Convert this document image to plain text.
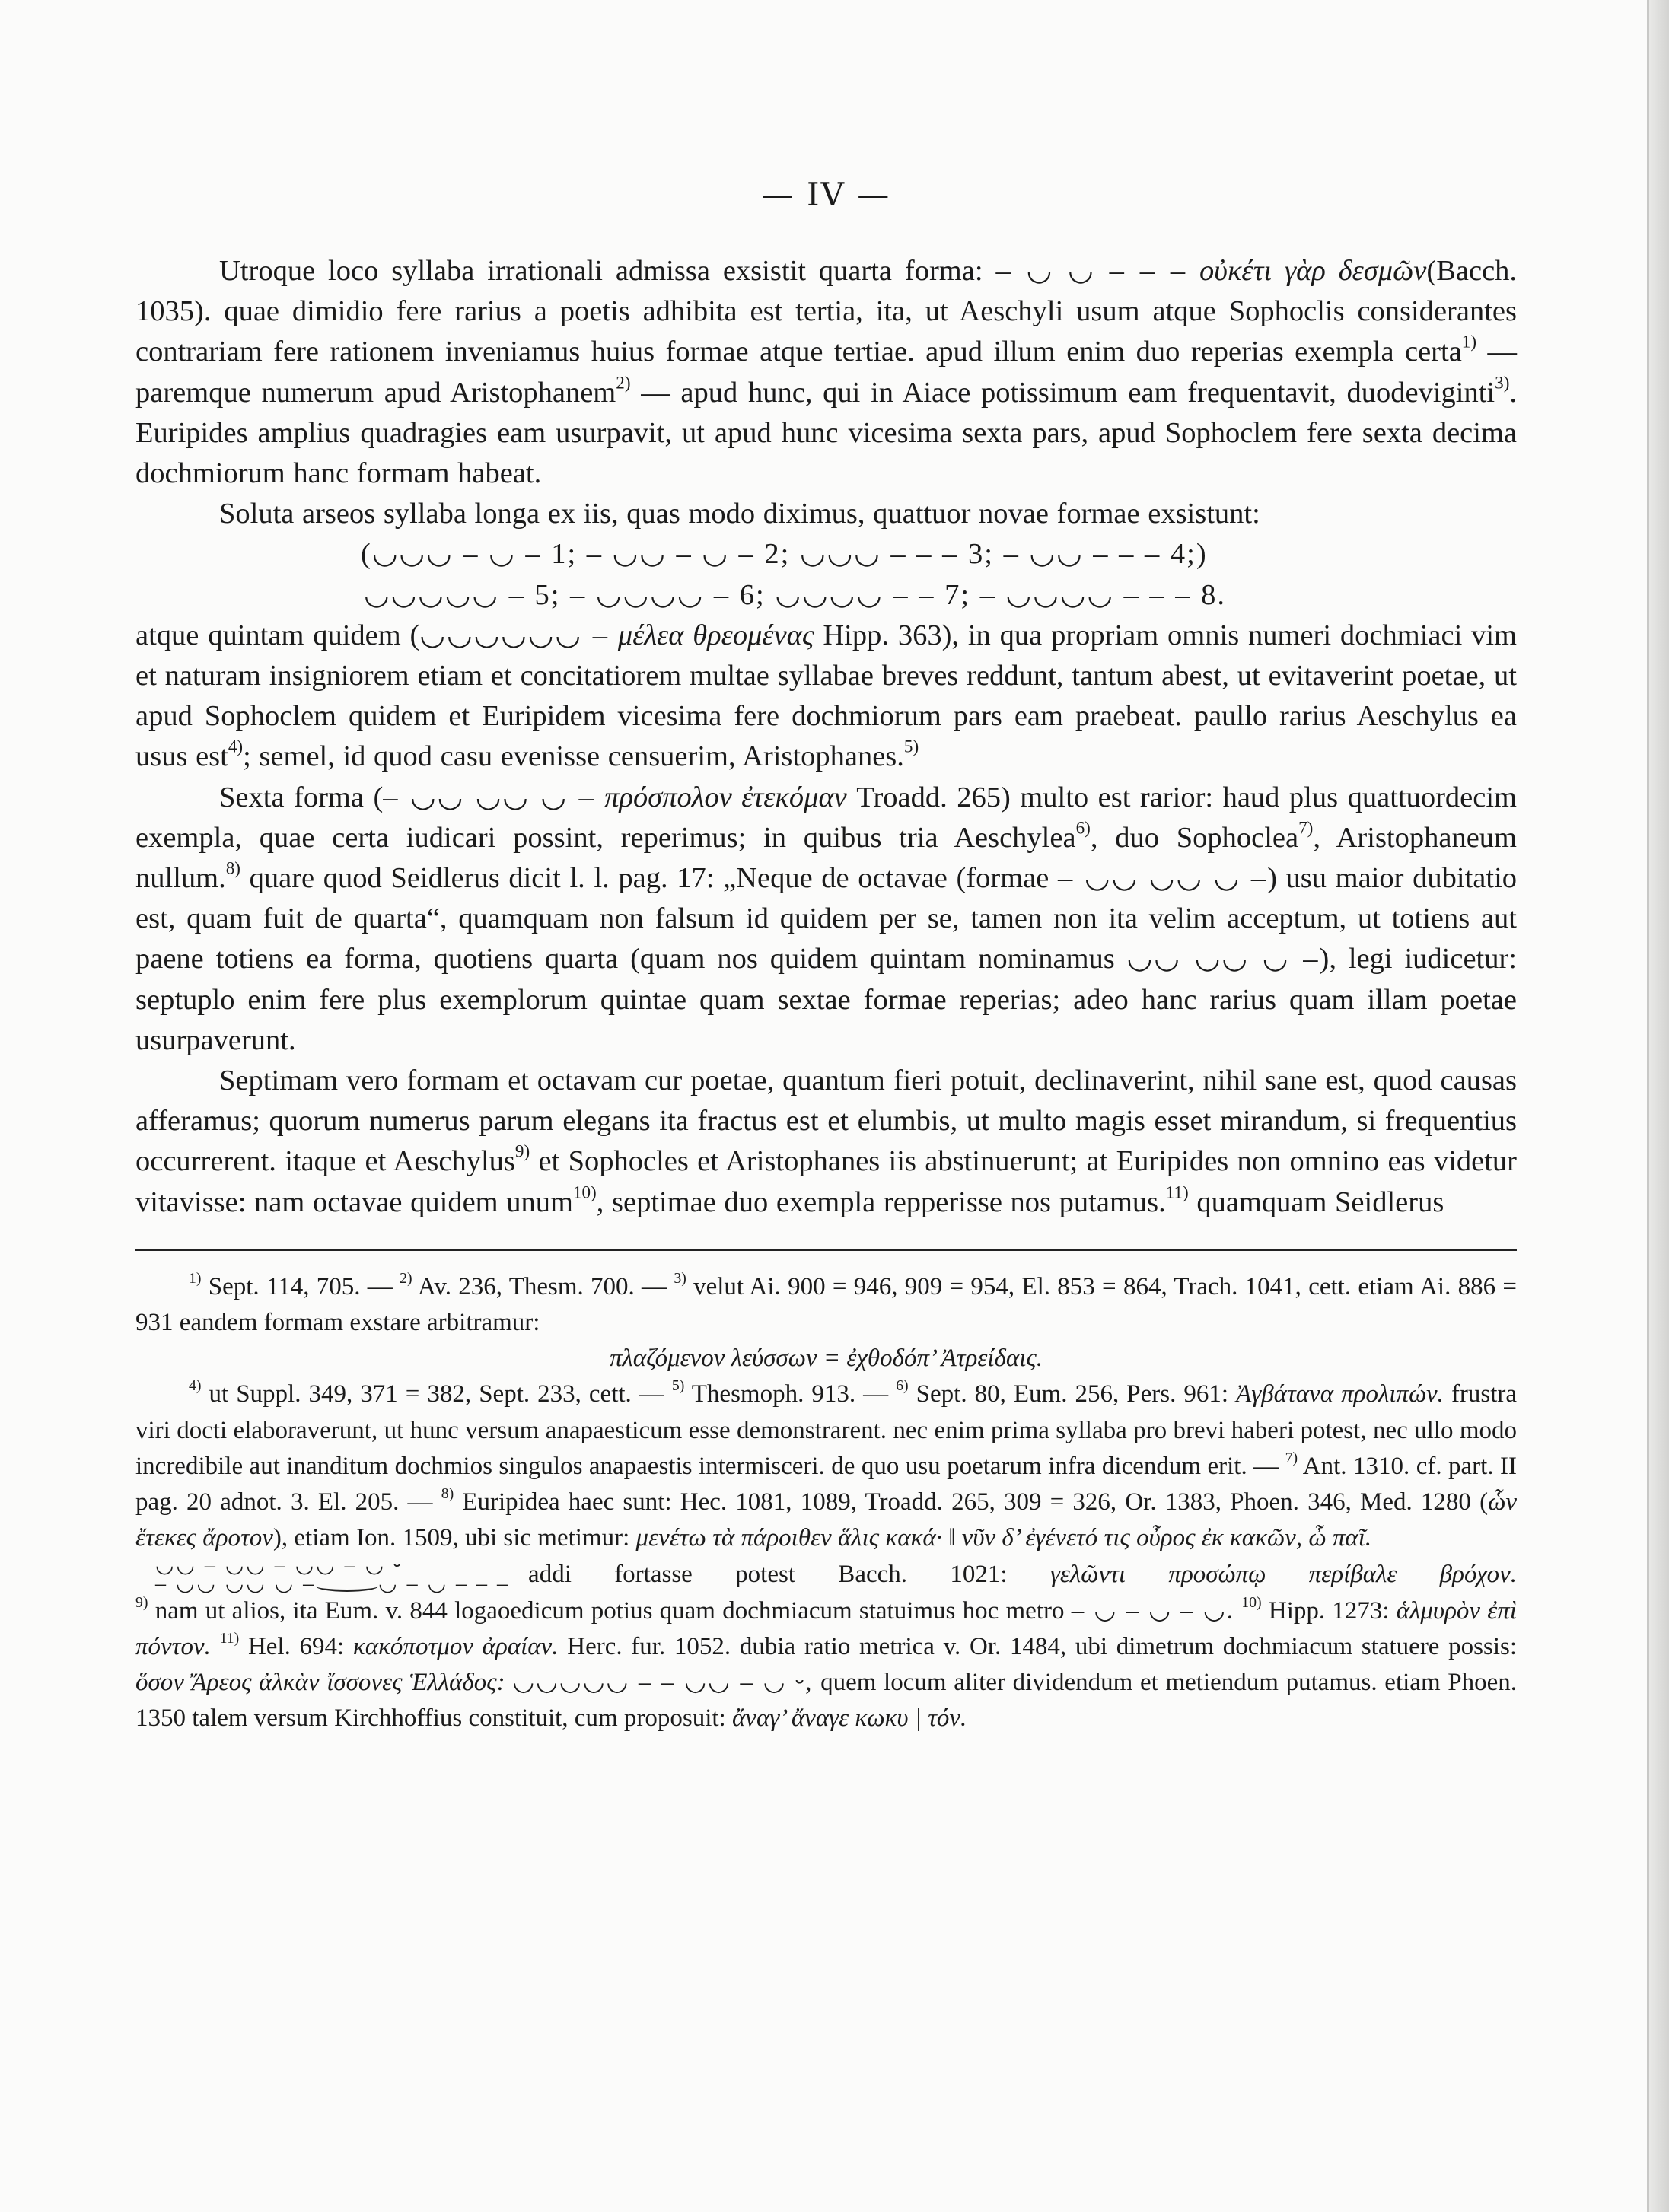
— IV —

Utroque loco syllaba irrationali admissa exsistit quarta forma: – ◡ ◡ – – – οὐκέτι γὰρ δεσμῶν(Bacch. 1035). quae dimidio fere rarius a poetis adhibita est tertia, ita, ut Aeschyli usum atque Sophoclis considerantes contrariam fere rationem inveniamus huius formae atque tertiae. apud illum enim duo reperias exempla certa$^{1)}$ — paremque numerum apud Aristophanem$^{2)}$ — apud hunc, qui in Aiace potissimum eam frequentavit, duodeviginti$^{3)}$. Euripides amplius quadragies eam usurpavit, ut apud hunc vicesima sexta pars, apud Sophoclem fere sexta decima dochmiorum hanc formam habeat.

Soluta arseos syllaba longa ex iis, quas modo diximus, quattuor novae formae exsistunt:

(◡◡◡ – ◡ – 1; – ◡◡ – ◡ – 2; ◡◡◡ – – – 3; – ◡◡ – – – 4;)

◡◡◡◡◡ – 5; – ◡◡◡◡ – 6; ◡◡◡◡ – – 7; – ◡◡◡◡ – – – 8.

atque quintam quidem (◡◡◡◡◡◡ – μέλεα θρεομένας Hipp. 363), in qua propriam omnis numeri dochmiaci vim et naturam insigniorem etiam et concitatiorem multae syllabae breves reddunt, tantum abest, ut evitaverint poetae, ut apud Sophoclem quidem et Euripidem vicesima fere dochmiorum pars eam praebeat. paullo rarius Aeschylus ea usus est$^{4)}$; semel, id quod casu evenisse censuerim, Aristophanes.$^{5)}$

Sexta forma (– ◡◡ ◡◡ ◡ – πρόσπολον ἐτεκόμαν Troadd. 265) multo est rarior: haud plus quattuordecim exempla, quae certa iudicari possint, reperimus; in quibus tria Aeschylea$^{6)}$, duo Sophoclea$^{7)}$, Aristophaneum nullum.$^{8)}$ quare quod Seidlerus dicit l. l. pag. 17: „Neque de octavae (formae – ◡◡ ◡◡ ◡ –) usu maior dubitatio est, quam fuit de quarta“, quamquam non falsum id quidem per se, tamen non ita velim acceptum, ut totiens aut paene totiens ea forma, quotiens quarta (quam nos quidem quintam nominamus ◡◡ ◡◡ ◡ –), legi iudicetur: septuplo enim fere plus exemplorum quintae quam sextae formae reperias; adeo hanc rarius quam illam poetae usurpaverunt.

Septimam vero formam et octavam cur poetae, quantum fieri potuit, declinaverint, nihil sane est, quod causas afferamus; quorum numerus parum elegans ita fractus est et elumbis, ut multo magis esset mirandum, si frequentius occurrerent. itaque et Aeschylus$^{9)}$ et Sophocles et Aristophanes iis abstinuerunt; at Euripides non omnino eas videtur vitavisse: nam octavae quidem unum$^{10)}$, septimae duo exempla repperisse nos putamus.$^{11)}$ quamquam Seidlerus

$^{1)}$ Sept. 114, 705. — $^{2)}$ Av. 236, Thesm. 700. — $^{3)}$ velut Ai. 900 = 946, 909 = 954, El. 853 = 864, Trach. 1041, cett. etiam Ai. 886 = 931 eandem formam exstare arbitramur:

πλαζόμενον λεύσσων = ἐχθοδόπ’ Ἀτρείδαις.

$^{4)}$ ut Suppl. 349, 371 = 382, Sept. 233, cett. — $^{5)}$ Thesmoph. 913. — $^{6)}$ Sept. 80, Eum. 256, Pers. 961: Ἀγβάτανα προλιπών. frustra viri docti elaboraverunt, ut hunc versum anapaesticum esse demonstrarent. nec enim prima syllaba pro brevi haberi potest, nec ullo modo incredibile aut inanditum dochmios singulos anapaestis intermisceri. de quo usu poetarum infra dicendum erit. — $^{7)}$ Ant. 1310. cf. part. II pag. 20 adnot. 3. El. 205. — $^{8)}$ Euripidea haec sunt: Hec. 1081, 1089, Troadd. 265, 309 = 326, Or. 1383, Phoen. 346, Med. 1280 (ὧν ἔτεκες ἄροτον), etiam Ion. 1509, ubi sic metimur: μενέτω τὰ πάροιθεν ἅλις κακά· ‖ νῦν δ’ ἐγένετό τις οὖρος ἐκ κακῶν, ὦ παῖ.

◡◡ – ◡◡ – ◡◡ – ◡ ⏑
– ◡◡ ◡◡ ◡ –	◡ – ◡ – – – addi fortasse potest Bacch. 1021: γελῶντι προσώπῳ περίβαλε βρόχον.

$^{9)}$ nam ut alios, ita Eum. v. 844 logaoedicum potius quam dochmiacum statuimus hoc metro – ◡ – ◡ – ◡. $^{10)}$ Hipp. 1273: ἁλμυρὸν ἐπὶ πόντον. $^{11)}$ Hel. 694: κακόποτμον ἀραίαν. Herc. fur. 1052. dubia ratio metrica v. Or. 1484, ubi dimetrum dochmiacum statuere possis: ὅσον Ἄρεος ἀλκὰν ἴσσονες Ἑλλάδος: ◡◡◡◡◡ – – ◡◡ – ◡ ⏑, quem locum aliter dividendum et metiendum putamus. etiam Phoen. 1350 talem versum Kirchhoffius constituit, cum proposuit: ἄναγ’ ἄναγε κωκυ | τόν.
